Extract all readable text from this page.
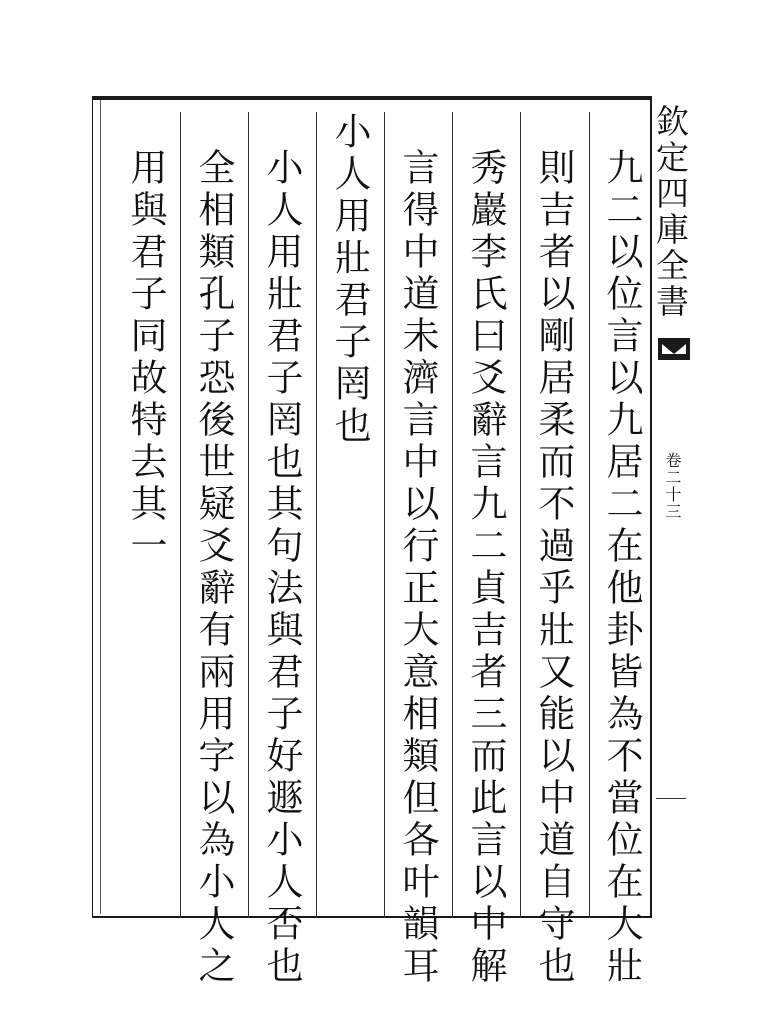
九二以位言以九居二在他卦皆為不當位在大壯
則吉者以剛居柔而不過乎壯又能以中道自守也
秀巖李氏曰爻辭言九二貞吉者三而此言以中解
言得中道未濟言中以行正大意相類但各叶韻耳
小人用壯君子罔也
小人用壯君子罔也其句法與君子好遯小人否也
全相類孔子恐後世疑爻辭有兩用字以為小人之
用與君子同故特去其一	欽定四庫全書
卷二十三
